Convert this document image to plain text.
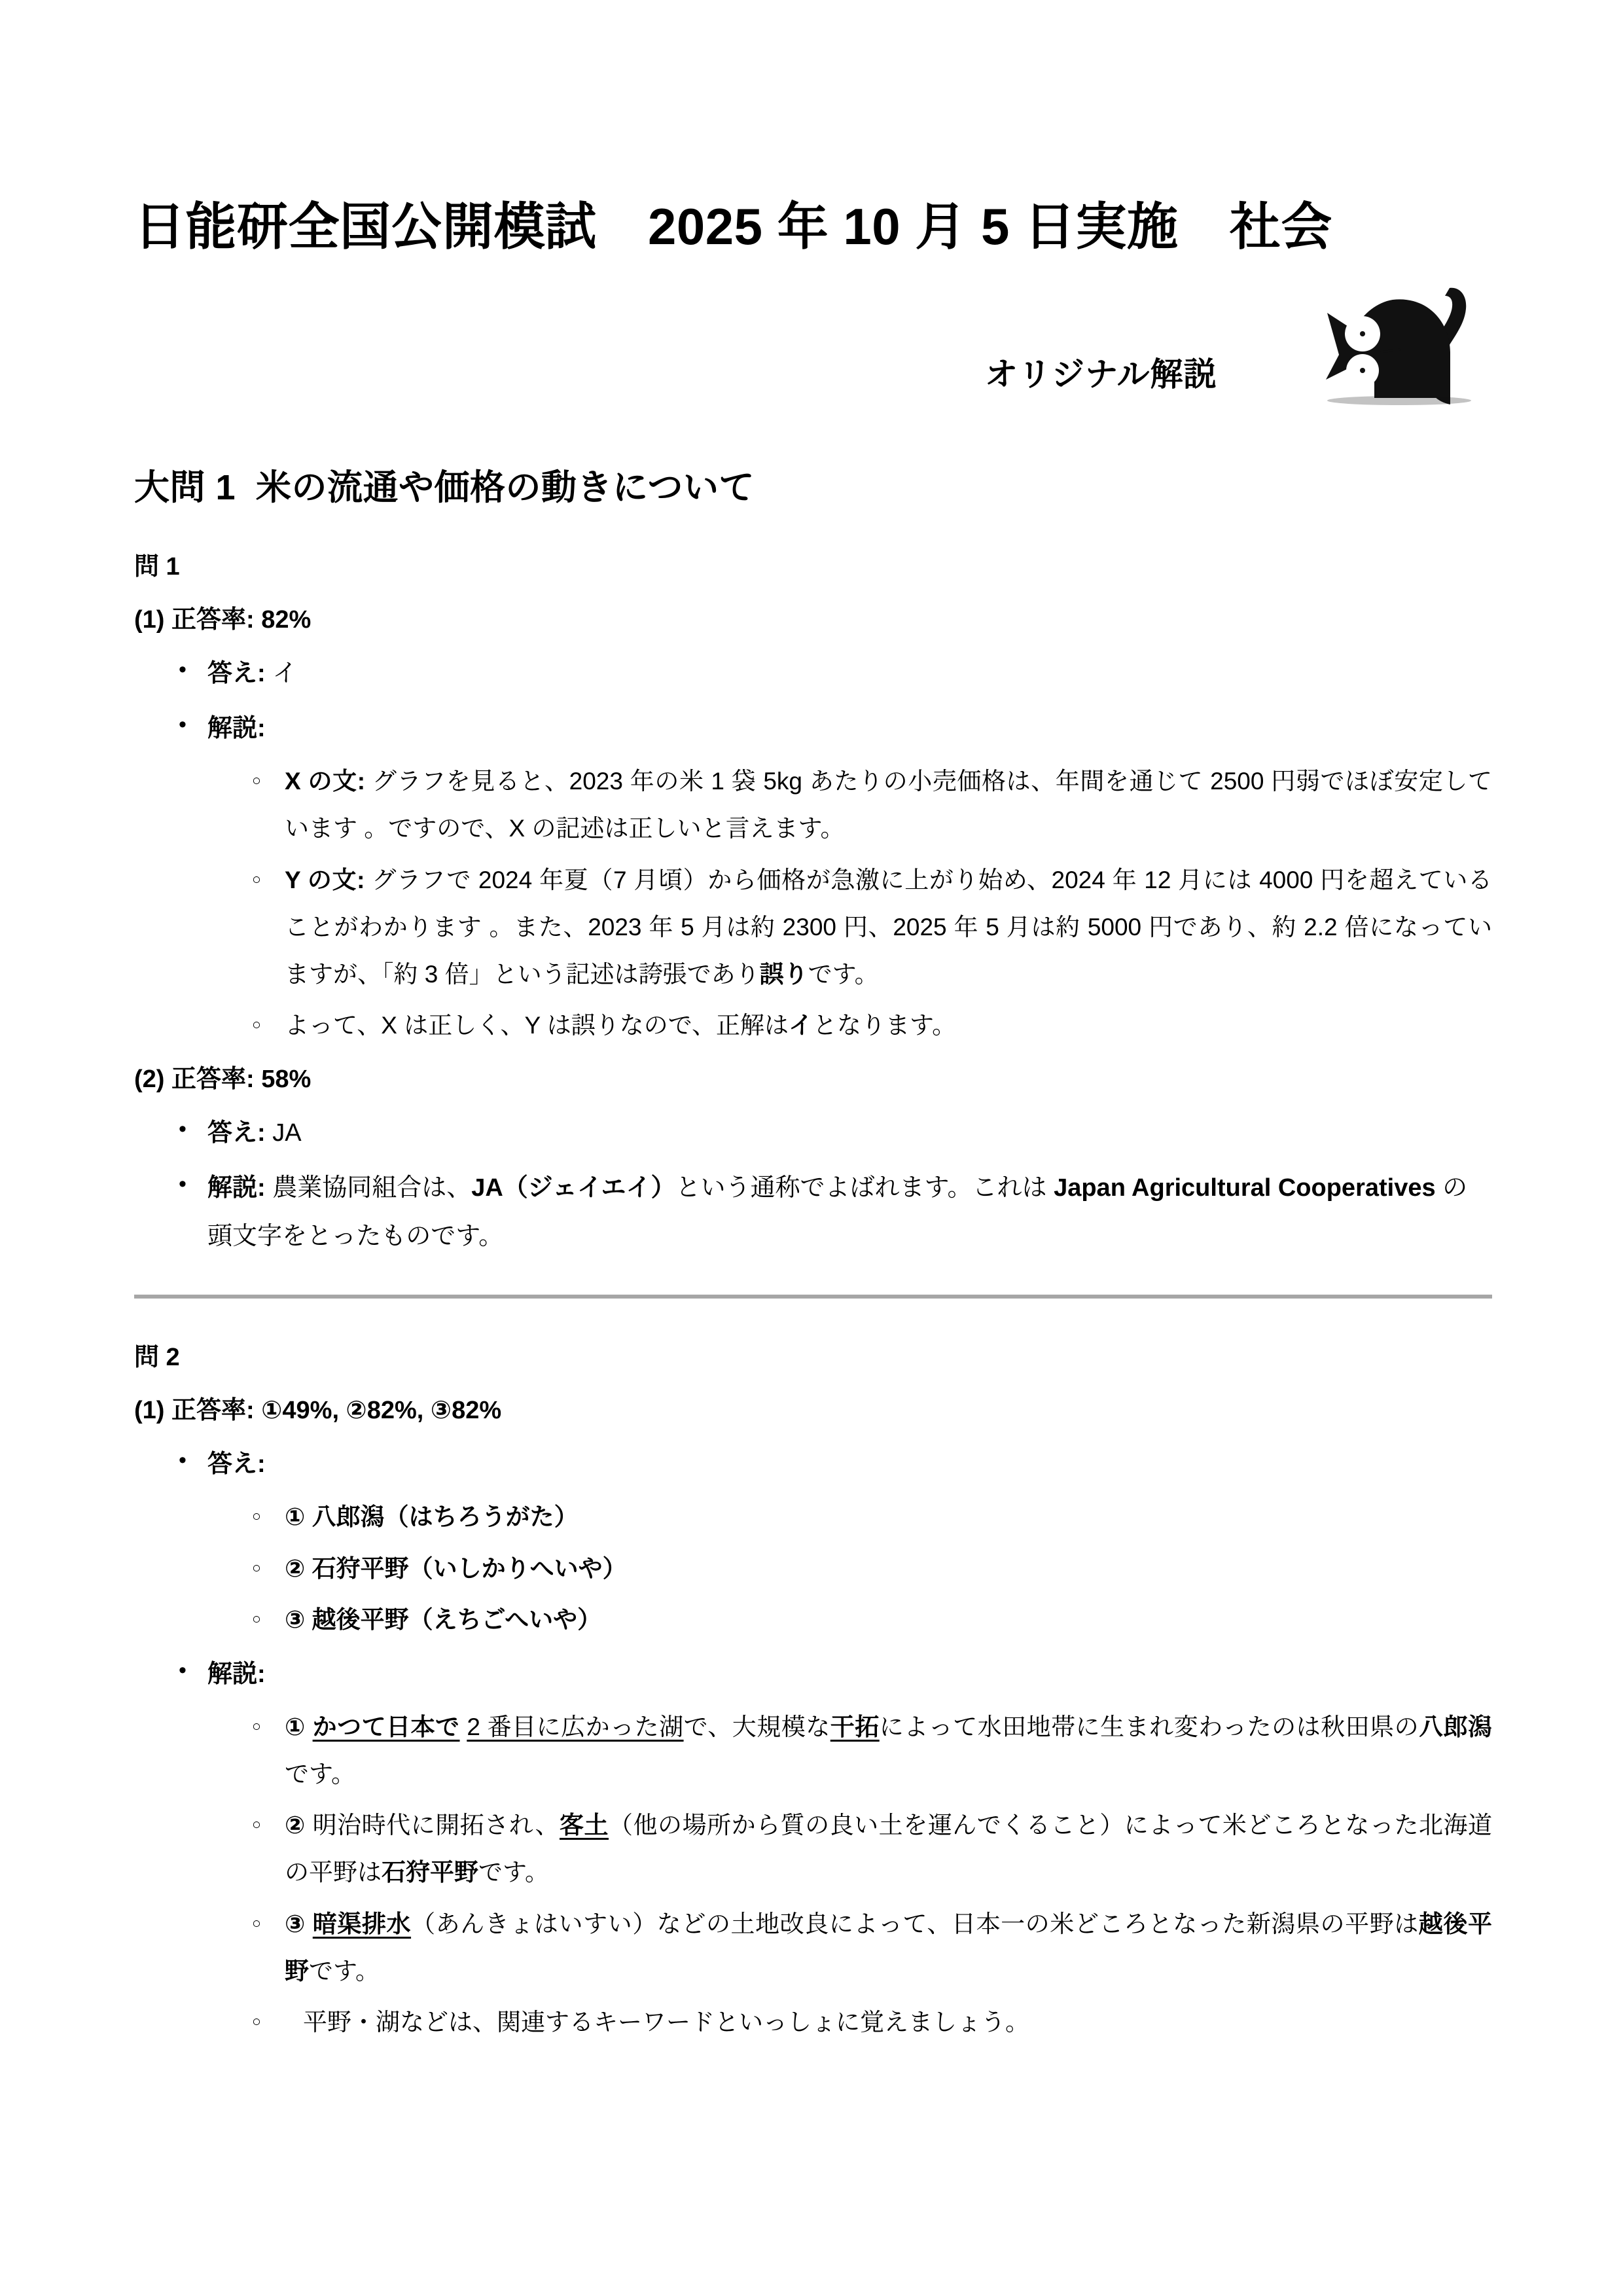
日能研全国公開模試　2025 年 10 月 5 日実施　社会
オリジナル解説
大問 1  米の流通や価格の動きについて
問 1
(1) 正答率: 82%
• 答え: イ
• 解説:
○ X の文: グラフを見ると、2023 年の米 1 袋 5kg あたりの小売価格は、年間を通じて 2500 円弱でほぼ安定しています 。ですので、X の記述は正しいと言えます。
○ Y の文: グラフで 2024 年夏（7 月頃）から価格が急激に上がり始め、2024 年 12 月には 4000 円を超えていることがわかります 。また、2023 年 5 月は約 2300 円、2025 年 5 月は約 5000 円であり、約 2.2 倍になっていますが、「約 3 倍」という記述は誇張であり誤りです。
○ よって、X は正しく、Y は誤りなので、正解はイとなります。
(2) 正答率: 58%
• 答え: JA
• 解説: 農業協同組合は、JA（ジェイエイ）という通称でよばれます。これは Japan Agricultural Cooperatives の頭文字をとったものです。
問 2
(1) 正答率: ①49%, ②82%, ③82%
• 答え:
○ ① 八郎潟（はちろうがた）
○ ② 石狩平野（いしかりへいや）
○ ③ 越後平野（えちごへいや）
• 解説:
○ ① かつて日本で 2 番目に広かった湖で、大規模な干拓によって水田地帯に生まれ変わったのは秋田県の八郎潟です。
○ ② 明治時代に開拓され、客土（他の場所から質の良い土を運んでくること）によって米どころとなった北海道の平野は石狩平野です。
○ ③ 暗渠排水（あんきょはいすい）などの土地改良によって、日本一の米どころとなった新潟県の平野は越後平野です。
○ 平野・湖などは、関連するキーワードといっしょに覚えましょう。
